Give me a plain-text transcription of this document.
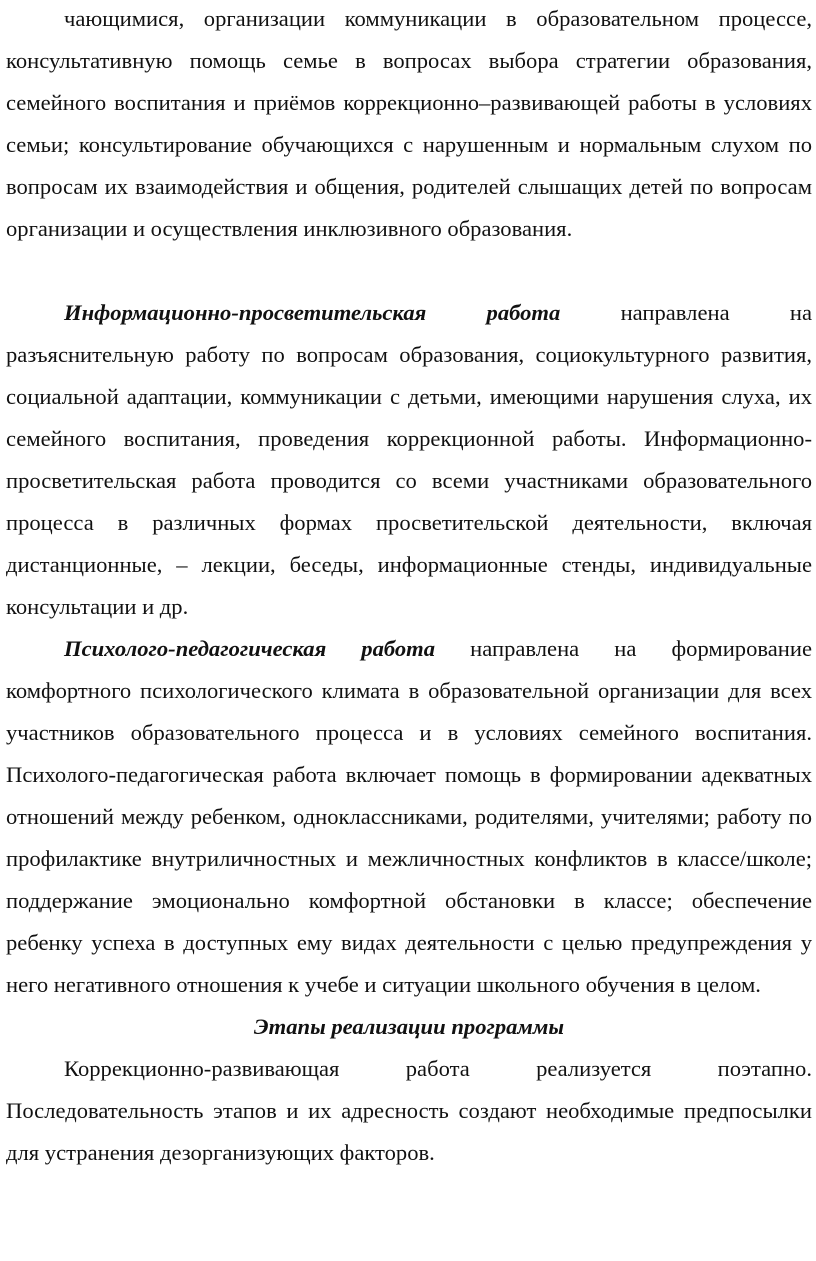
чающимися, организации коммуникации в образовательном процессе, консультативную помощь семье в вопросах выбора стратегии образования, семейного воспитания и приёмов коррекционно–развивающей работы в условиях семьи; консультирование обучающихся с нарушенным и нормальным слухом по вопросам их взаимодействия и общения, родителей слышащих детей по вопросам организации и осуществления инклюзивного образования.

Информационно-просветительская работа	направлена на разъяснительную работу по вопросам образования, социокультурного развития, социальной адаптации, коммуникации с детьми, имеющими нарушения слуха, их семейного воспитания, проведения коррекционной работы. Информационно-просветительская работа проводится со всеми участниками образовательного процесса в различных формах просветительской деятельности, включая дистанционные, – лекции, беседы, информационные стенды, индивидуальные консультации и др.

Психолого-педагогическая работа направлена на формирование комфортного психологического климата в образовательной организации для всех участников образовательного процесса и в условиях семейного воспитания. Психолого-педагогическая работа включает помощь в формировании адекватных отношений между ребенком, одноклассниками, родителями, учителями; работу по профилактике внутриличностных и межличностных конфликтов в классе/школе; поддержание эмоционально комфортной обстановки в классе; обеспечение ребенку успеха в доступных ему видах деятельности с целью предупреждения у него негативного отношения к учебе и ситуации школьного обучения в целом.

Этапы реализации программы

Коррекционно-развивающая работа реализуется поэтапно. Последовательность этапов и их адресность создают необходимые предпосылки для устранения дезорганизующих факторов.
